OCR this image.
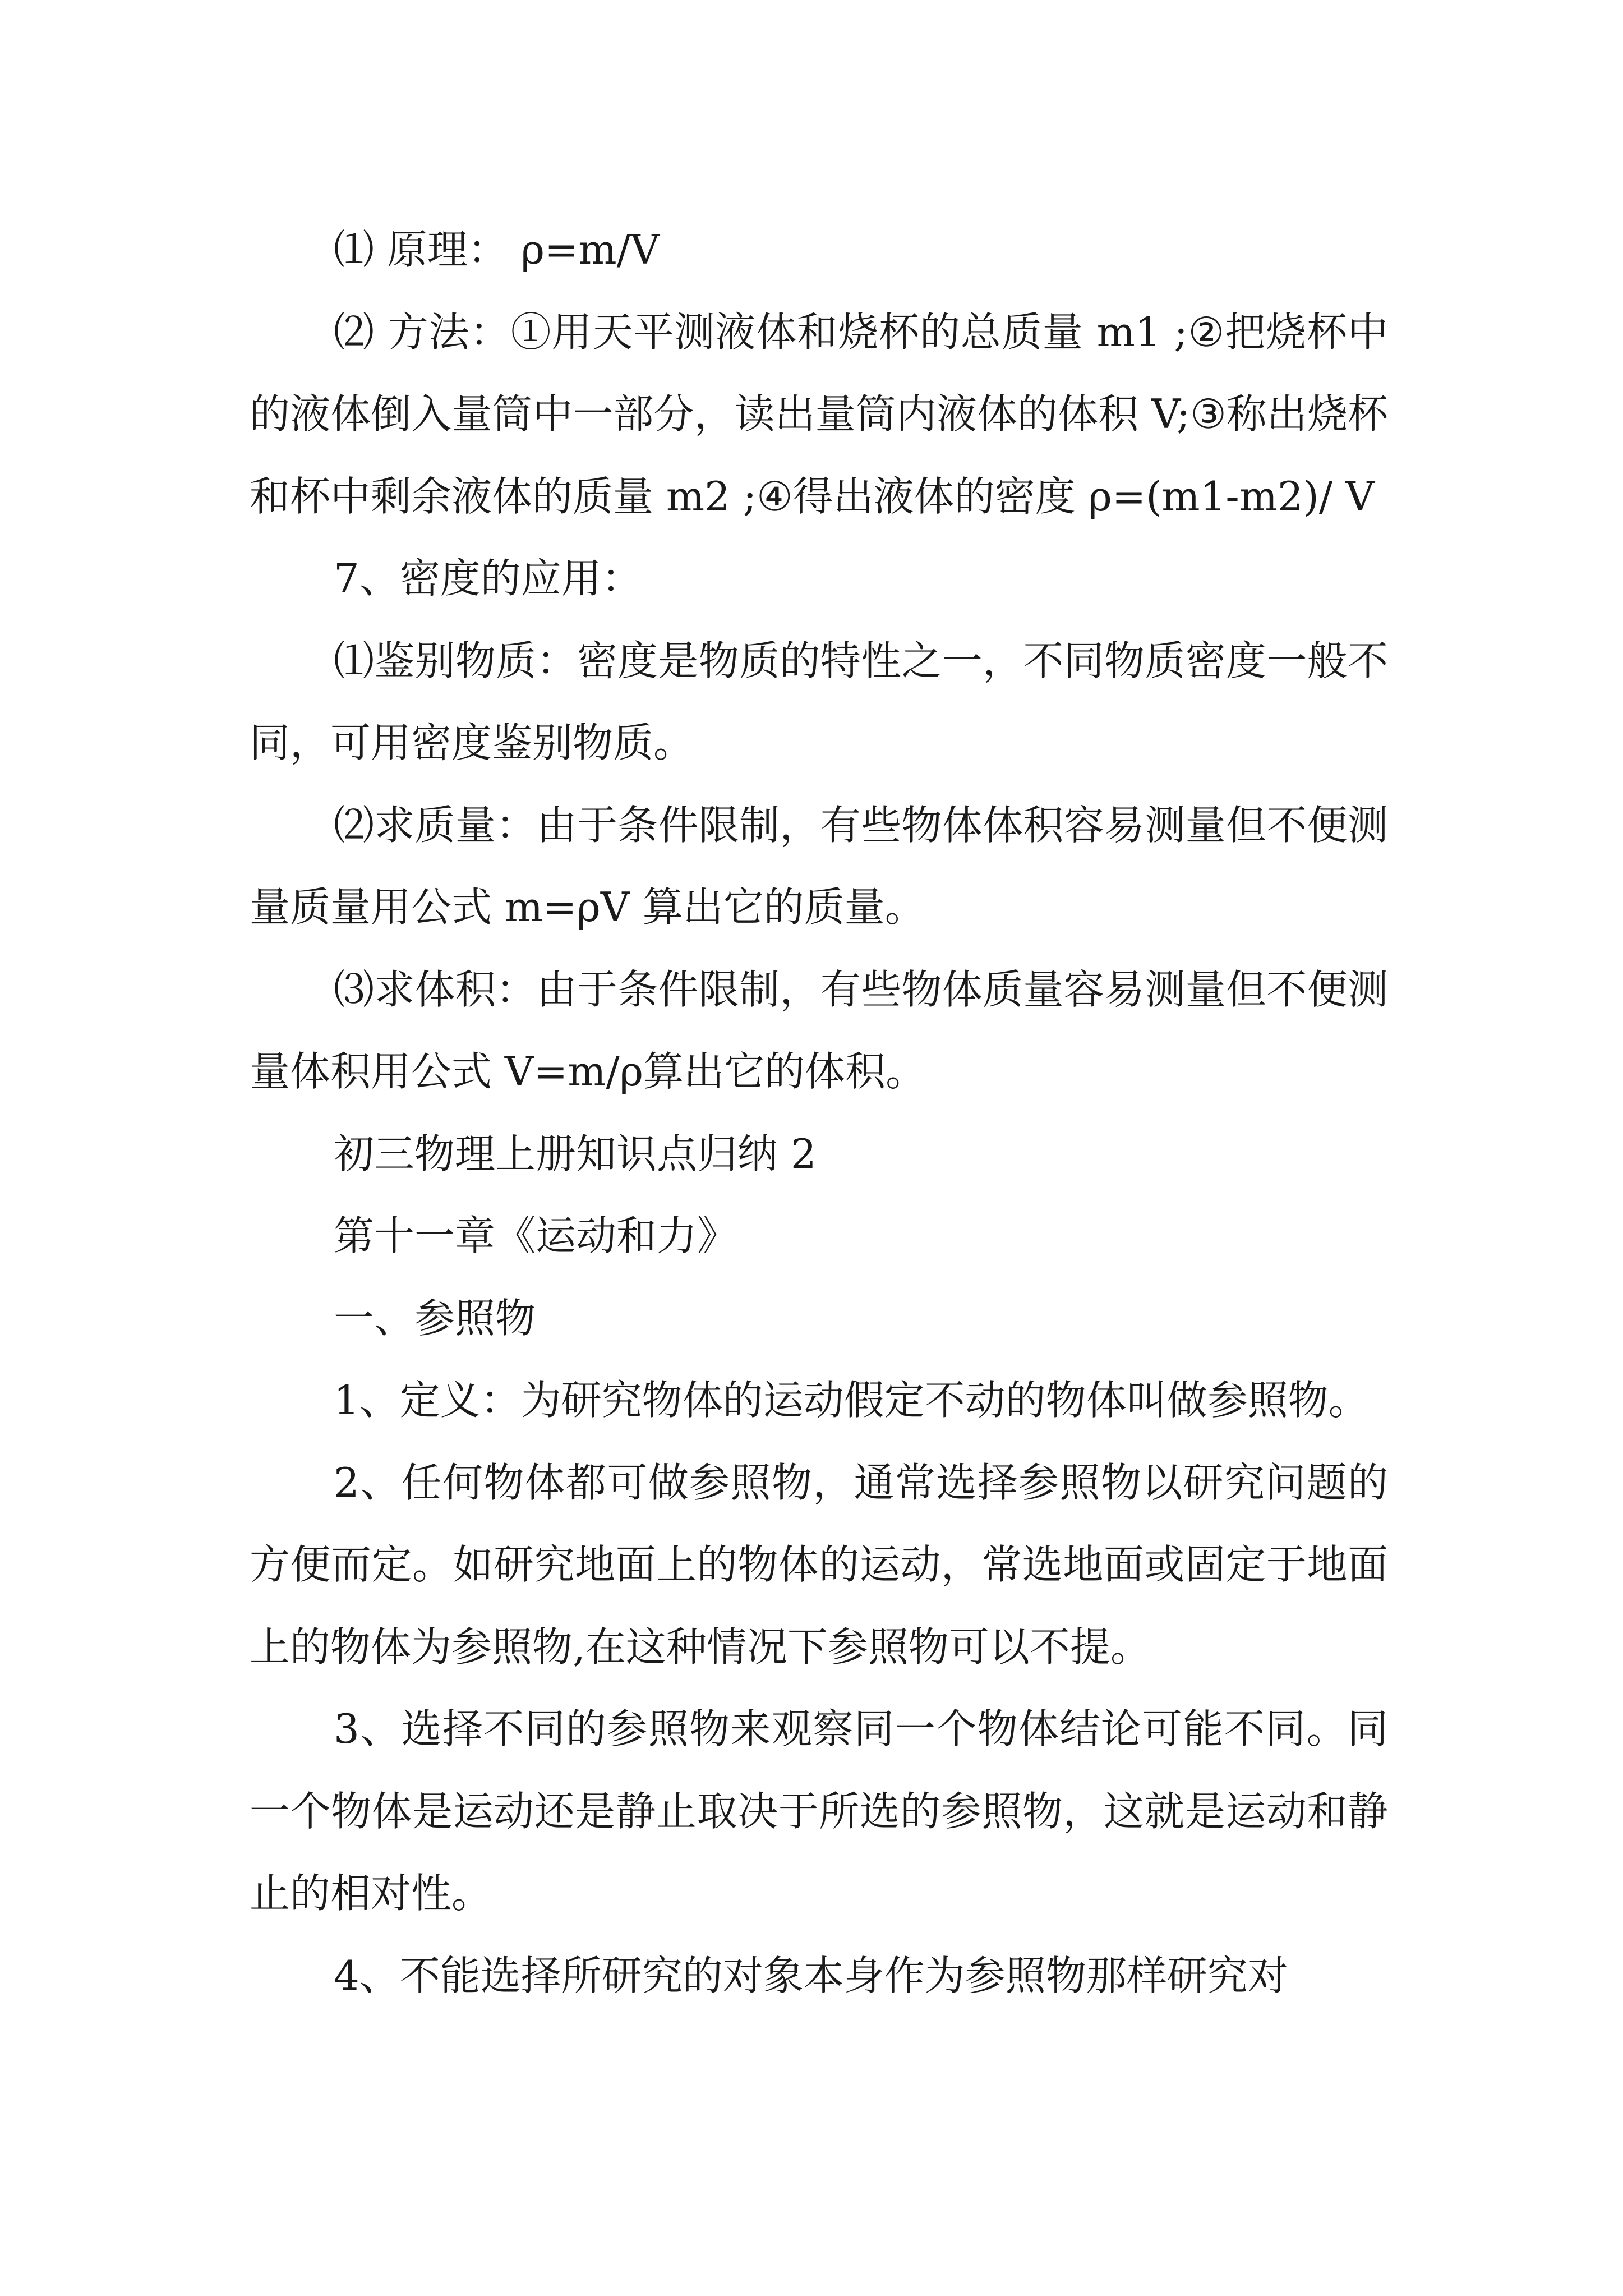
⑴ 原理： ρ=m/V

⑵ 方法：①用天平测液体和烧杯的总质量 m1 ;②把烧杯中的液体倒入量筒中一部分，读出量筒内液体的体积 V;③称出烧杯和杯中剩余液体的质量 m2 ;④得出液体的密度 ρ=(m1-m2)/ V

7、密度的应用：

⑴鉴别物质：密度是物质的特性之一，不同物质密度一般不同，可用密度鉴别物质。

⑵求质量：由于条件限制，有些物体体积容易测量但不便测量质量用公式 m=ρV 算出它的质量。

⑶求体积：由于条件限制，有些物体质量容易测量但不便测量体积用公式 V=m/ρ算出它的体积。

初三物理上册知识点归纳 2

第十一章《运动和力》

一、参照物

1、定义：为研究物体的运动假定不动的物体叫做参照物。

2、任何物体都可做参照物，通常选择参照物以研究问题的方便而定。如研究地面上的物体的运动，常选地面或固定于地面上的物体为参照物,在这种情况下参照物可以不提。

3、选择不同的参照物来观察同一个物体结论可能不同。同一个物体是运动还是静止取决于所选的参照物，这就是运动和静止的相对性。

4、不能选择所研究的对象本身作为参照物那样研究对
